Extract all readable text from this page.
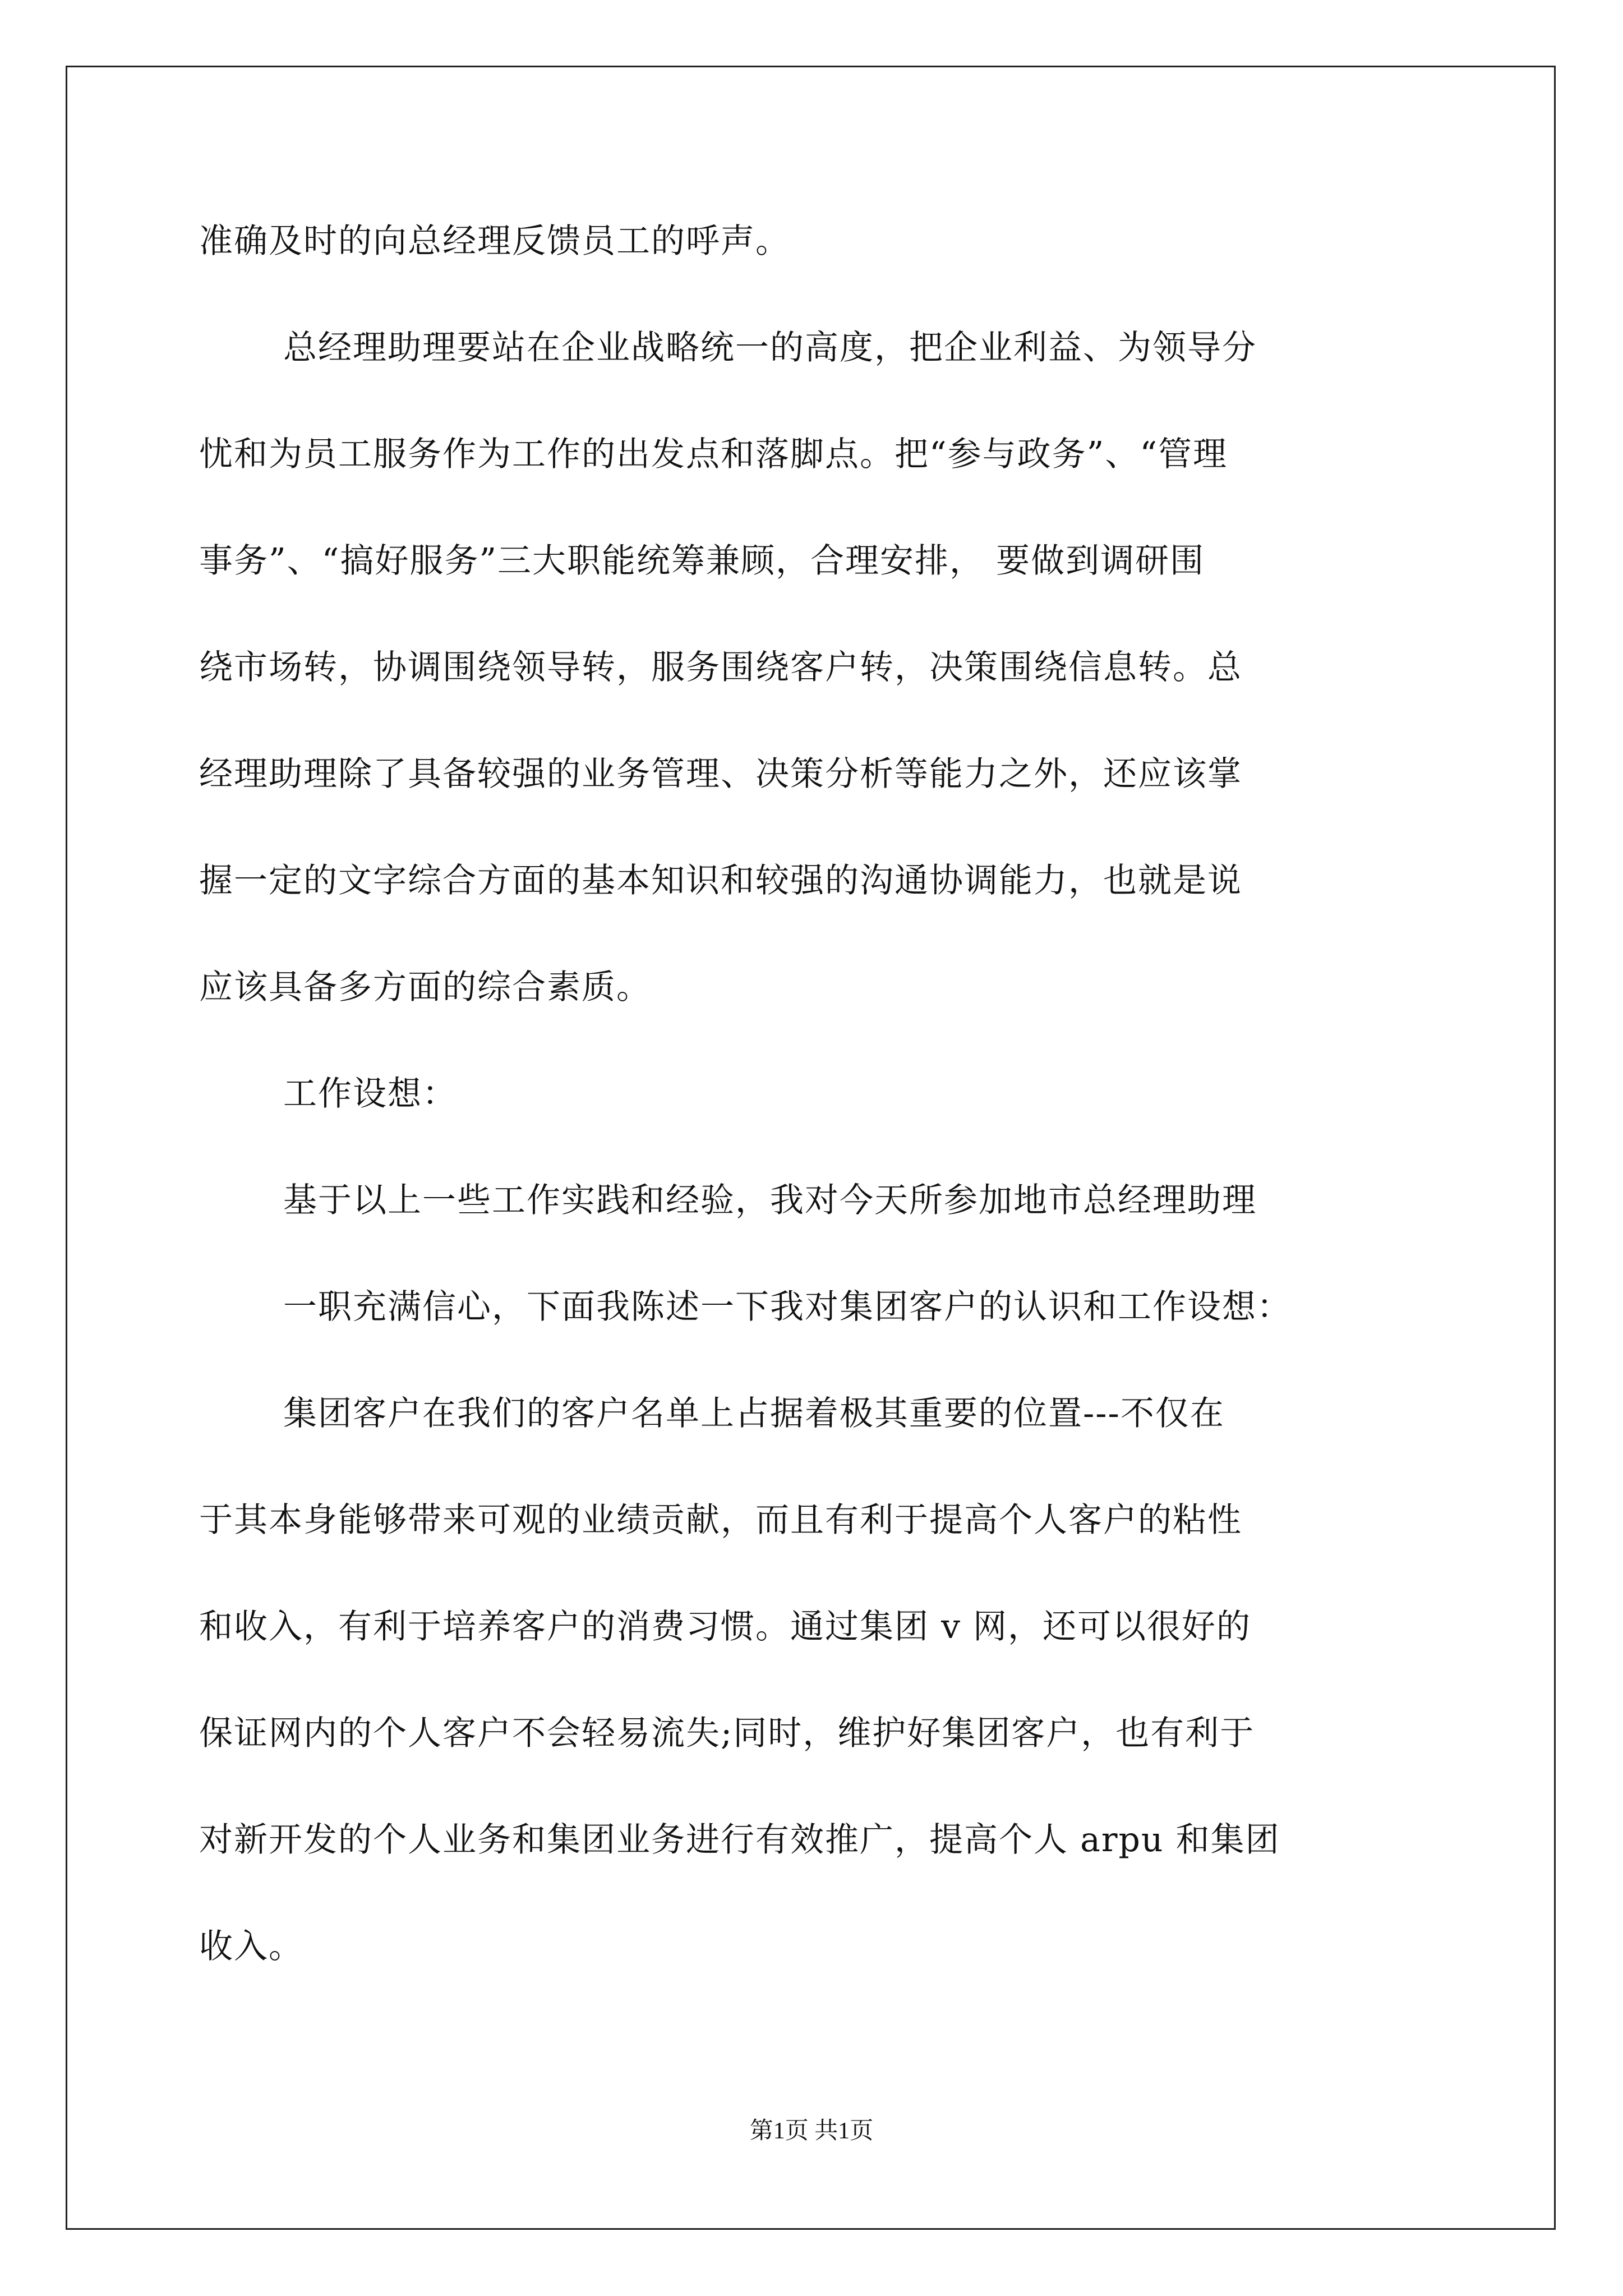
准确及时的向总经理反馈员工的呼声。
总经理助理要站在企业战略统一的高度，把企业利益、为领导分
忧和为员工服务作为工作的出发点和落脚点。把“参与政务”、“管理
事务”、“搞好服务”三大职能统筹兼顾，合理安排， 要做到调研围
绕市场转，协调围绕领导转，服务围绕客户转，决策围绕信息转。总
经理助理除了具备较强的业务管理、决策分析等能力之外，还应该掌
握一定的文字综合方面的基本知识和较强的沟通协调能力，也就是说
应该具备多方面的综合素质。
工作设想：
基于以上一些工作实践和经验，我对今天所参加地市总经理助理
一职充满信心，下面我陈述一下我对集团客户的认识和工作设想：
集团客户在我们的客户名单上占据着极其重要的位置---不仅在
于其本身能够带来可观的业绩贡献，而且有利于提高个人客户的粘性
和收入，有利于培养客户的消费习惯。通过集团 v 网，还可以很好的
保证网内的个人客户不会轻易流失;同时，维护好集团客户，也有利于
对新开发的个人业务和集团业务进行有效推广，提高个人 arpu 和集团
收入。
第1页 共1页
